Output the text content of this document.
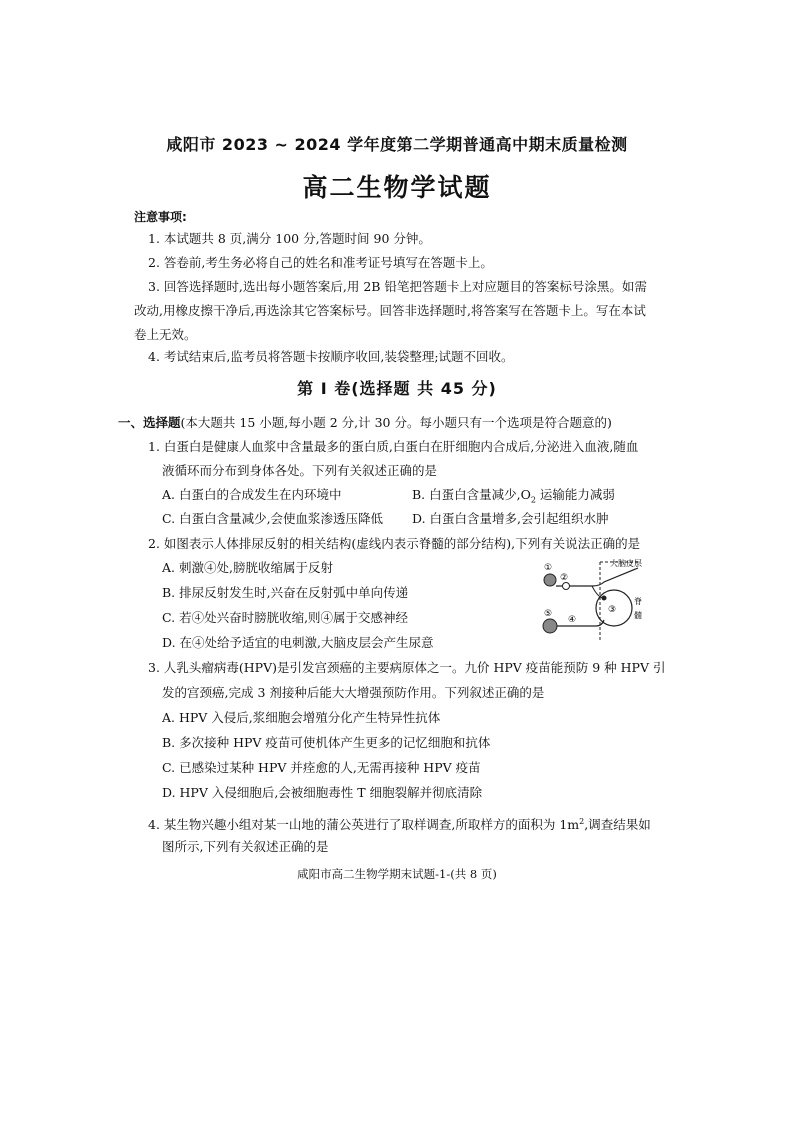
咸阳市 2023 ~ 2024 学年度第二学期普通高中期末质量检测
高二生物学试题
注意事项:
1. 本试题共 8 页,满分 100 分,答题时间 90 分钟。
2. 答卷前,考生务必将自己的姓名和准考证号填写在答题卡上。
3. 回答选择题时,选出每小题答案后,用 2B 铅笔把答题卡上对应题目的答案标号涂黑。如需
改动,用橡皮擦干净后,再选涂其它答案标号。回答非选择题时,将答案写在答题卡上。写在本试
卷上无效。
4. 考试结束后,监考员将答题卡按顺序收回,装袋整理;试题不回收。
第 Ⅰ 卷(选择题 共 45 分)
一、选择题(本大题共 15 小题,每小题 2 分,计 30 分。每小题只有一个选项是符合题意的)
1. 白蛋白是健康人血浆中含量最多的蛋白质,白蛋白在肝细胞内合成后,分泌进入血液,随血
液循环而分布到身体各处。下列有关叙述正确的是
A. 白蛋白的合成发生在内环境中	B. 白蛋白含量减少$,O_2$ 运输能力减弱
C. 白蛋白含量减少,会使血浆渗透压降低 D. 白蛋白含量增多,会引起组织水肿
2. 如图表示人体排尿反射的相关结构(虚线内表示脊髓的部分结构),下列有关说法正确的是
A. 刺激④处,膀胱收缩属于反射
B. 排尿反射发生时,兴奋在反射弧中单向传递
C. 若④处兴奋时膀胱收缩,则④属于交感神经
D. 在④处给予适宜的电刺激,大脑皮层会产生尿意
①
②
③
④
⑤
大脑皮层
脊
髓
3. 人乳头瘤病毒(HPV)是引发宫颈癌的主要病原体之一。九价 HPV 疫苗能预防 9 种 HPV 引
发的宫颈癌,完成 3 剂接种后能大大增强预防作用。下列叙述正确的是
A. HPV 入侵后,浆细胞会增殖分化产生特异性抗体
B. 多次接种 HPV 疫苗可使机体产生更多的记忆细胞和抗体
C. 已感染过某种 HPV 并痊愈的人,无需再接种 HPV 疫苗
D. HPV 入侵细胞后,会被细胞毒性 T 细胞裂解并彻底清除
4. 某生物兴趣小组对某一山地的蒲公英进行了取样调查,所取样方的面积为 $1m^2$,调查结果如
图所示,下列有关叙述正确的是
咸阳市高二生物学期末试题-1-(共 8 页)
